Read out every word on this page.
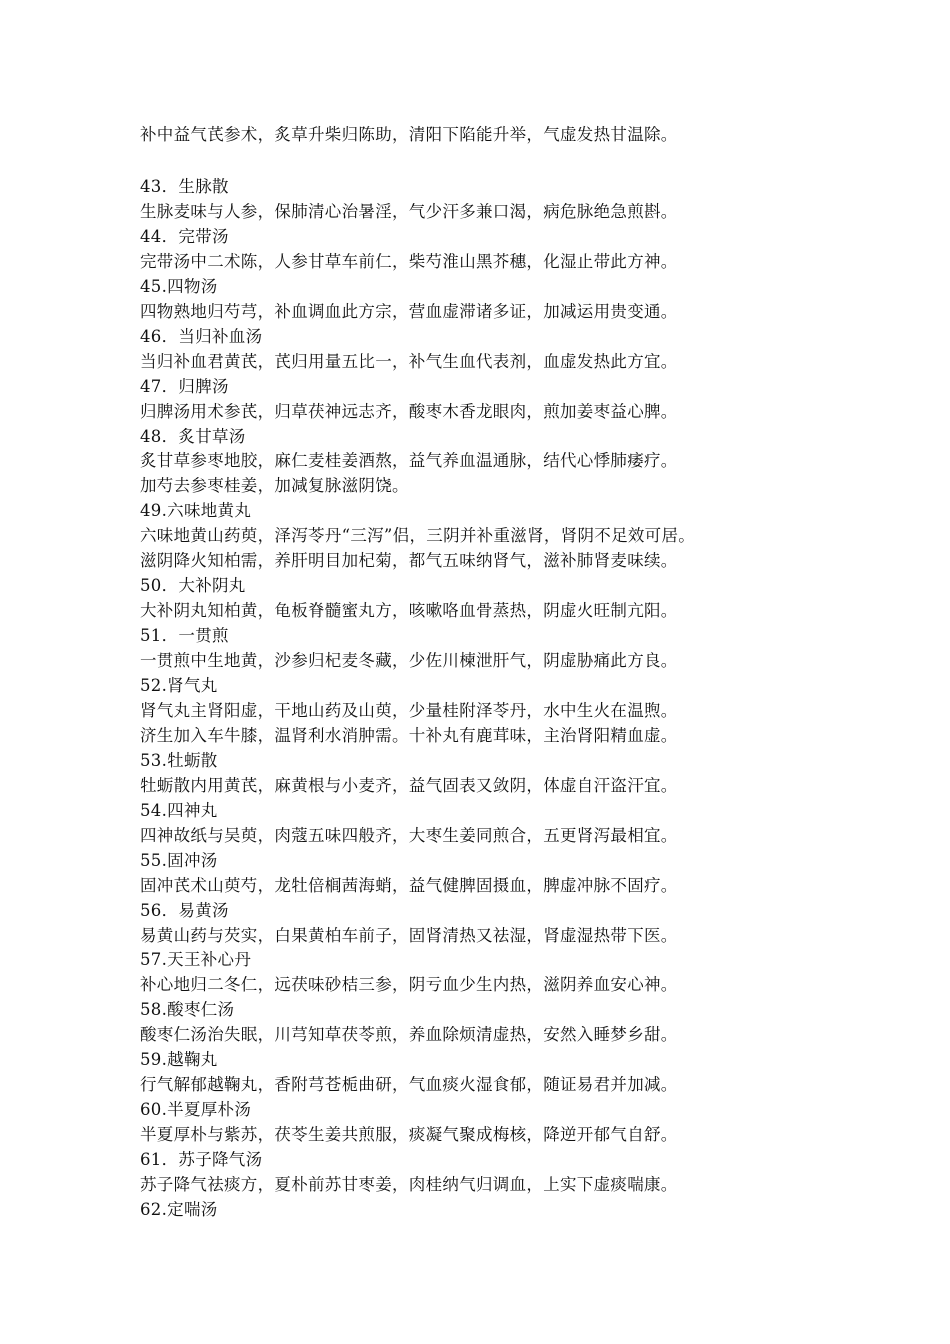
补中益气芪参术，炙草升柴归陈助，清阳下陷能升举，气虚发热甘温除。
43．生脉散
生脉麦味与人参，保肺清心治暑淫，气少汗多兼口渴，病危脉绝急煎斟。
44．完带汤
完带汤中二术陈，人参甘草车前仁，柴芍淮山黑芥穗，化湿止带此方神。
45.四物汤
四物熟地归芍芎，补血调血此方宗，营血虚滞诸多证，加减运用贵变通。
46．当归补血汤
当归补血君黄芪，芪归用量五比一，补气生血代表剂，血虚发热此方宜。
47．归脾汤
归脾汤用术参芪，归草茯神远志齐，酸枣木香龙眼肉，煎加姜枣益心脾。
48．炙甘草汤
炙甘草参枣地胶，麻仁麦桂姜酒熬，益气养血温通脉，结代心悸肺痿疗。
加芍去参枣桂姜，加减复脉滋阴饶。
49.六味地黄丸
六味地黄山药萸，泽泻苓丹“三泻”侣，三阴并补重滋肾，肾阴不足效可居。
滋阴降火知柏需，养肝明目加杞菊，都气五味纳肾气，滋补肺肾麦味续。
50．大补阴丸
大补阴丸知柏黄，龟板脊髓蜜丸方，咳嗽咯血骨蒸热，阴虚火旺制亢阳。
51．一贯煎
一贯煎中生地黄，沙参归杞麦冬藏，少佐川楝泄肝气，阴虚胁痛此方良。
52.肾气丸
肾气丸主肾阳虚，干地山药及山萸，少量桂附泽苓丹，水中生火在温煦。
济生加入车牛膝，温肾利水消肿需。十补丸有鹿茸味，主治肾阳精血虚。
53.牡蛎散
牡蛎散内用黄芪，麻黄根与小麦齐，益气固表又敛阴，体虚自汗盗汗宜。
54.四神丸
四神故纸与吴萸，肉蔻五味四般齐，大枣生姜同煎合，五更肾泻最相宜。
55.固冲汤
固冲芪术山萸芍，龙牡倍榈茜海蛸，益气健脾固摄血，脾虚冲脉不固疗。
56．易黄汤
易黄山药与芡实，白果黄柏车前子，固肾清热又祛湿，肾虚湿热带下医。
57.天王补心丹
补心地归二冬仁，远茯味砂桔三参，阴亏血少生内热，滋阴养血安心神。
58.酸枣仁汤
酸枣仁汤治失眠，川芎知草茯苓煎，养血除烦清虚热，安然入睡梦乡甜。
59.越鞠丸
行气解郁越鞠丸，香附芎苍栀曲研，气血痰火湿食郁，随证易君并加减。
60.半夏厚朴汤
半夏厚朴与紫苏，茯苓生姜共煎服，痰凝气聚成梅核，降逆开郁气自舒。
61．苏子降气汤
苏子降气祛痰方，夏朴前苏甘枣姜，肉桂纳气归调血，上实下虚痰喘康。
62.定喘汤
